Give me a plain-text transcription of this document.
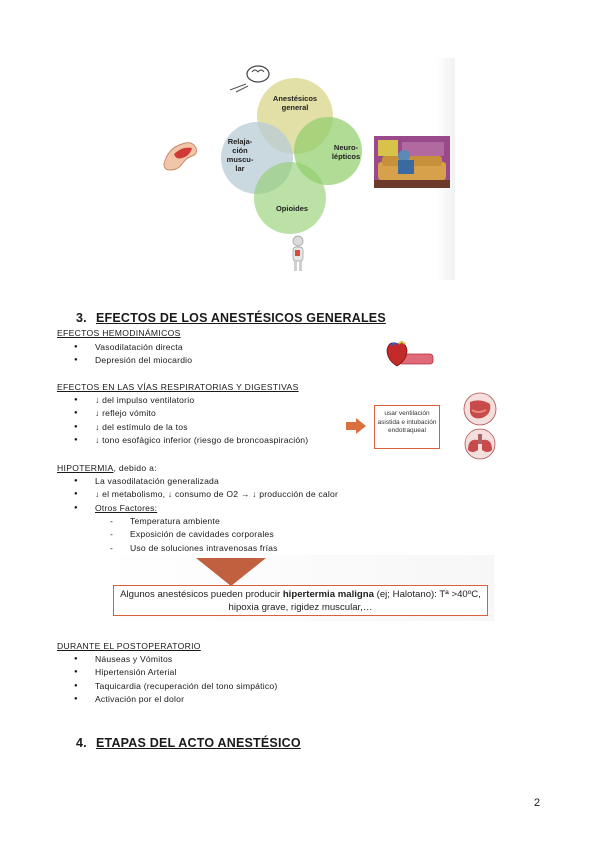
Anestésicos general
Neuro-lépticos
Relaja-ción muscu-lar
Opioides
3. EFECTOS DE LOS ANESTÉSICOS GENERALES
EFECTOS HEMODINÁMICOS
● Vasodilatación directa
● Depresión del miocardio
EFECTOS EN LAS VÍAS RESPIRATORIAS Y DIGESTIVAS
● ↓ del impulso ventilatorio
● ↓ reflejo vómito
● ↓ del estímulo de la tos
● ↓ tono esofágico inferior (riesgo de broncoaspiración)
usar ventilación asistida e intubación endotraqueal
HIPOTERMIA, debido a:
● La vasodilatación generalizada
● ↓ el metabolismo, ↓ consumo de O2 → ↓ producción de calor
● Otros Factores:
- Temperatura ambiente
- Exposición de cavidades corporales
- Uso de soluciones intravenosas frías
Algunos anestésicos pueden producir hipertermia maligna (ej; Halotano): Tª >40ºC, hipoxia grave, rigidez muscular,…
DURANTE EL POSTOPERATORIO
● Náuseas y Vómitos
● Hipertensión Arterial
● Taquicardia (recuperación del tono simpático)
● Activación por el dolor
4. ETAPAS DEL ACTO ANESTÉSICO
2
